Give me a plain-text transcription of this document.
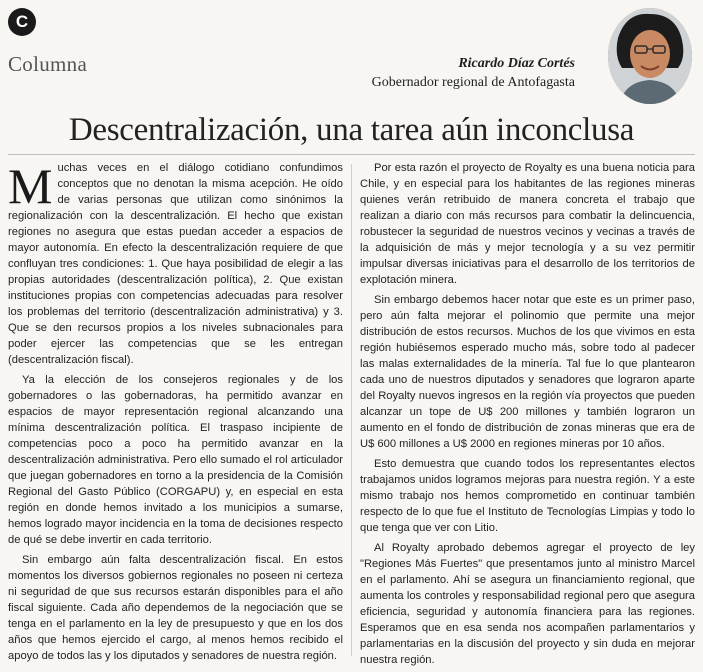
C
Columna	Ricardo Díaz Cortés
Gobernador regional de Antofagasta
Descentralización, una tarea aún inconclusa

Muchas veces en el diálogo cotidiano confundimos conceptos que no denotan la misma acepción. He oído de varias personas que utilizan como sinónimos la regionalización con la descentralización. El hecho que existan regiones no asegura que estas puedan acceder a espacios de mayor autonomía. En efecto la descentralización requiere de que confluyan tres condiciones: 1. Que haya posibilidad de elegir a las propias autoridades (descentralización política), 2. Que existan instituciones propias con competencias adecuadas para resolver los problemas del territorio (descentralización administrativa) y 3. Que se den recursos propios a los niveles subnacionales para poder ejercer las competencias que se les entregan (descentralización fiscal).

Ya la elección de los consejeros regionales y de los gobernadores o las gobernadoras, ha permitido avanzar en espacios de mayor representación regional alcanzando una mínima descentralización política. El traspaso incipiente de competencias poco a poco ha permitido avanzar en la descentralización administrativa. Pero ello sumado el rol articulador que juegan gobernadores en torno a la presidencia de la Comisión Regional del Gasto Público (CORGAPU) y, en especial en esta región en donde hemos invitado a los municipios a sumarse, hemos logrado mayor incidencia en la toma de decisiones respecto de qué se debe invertir en cada territorio.

Sin embargo aún falta descentralización fiscal. En estos momentos los diversos gobiernos regionales no poseen ni certeza ni seguridad de que sus recursos estarán disponibles para el año fiscal siguiente. Cada año dependemos de la negociación que se tenga en el parlamento en la ley de presupuesto y que en los dos años que hemos ejercido el cargo, al menos hemos recibido el apoyo de todos las y los diputados y senadores de nuestra región.

Por esta razón el proyecto de Royalty es una buena noticia para Chile, y en especial para los habitantes de las regiones mineras quienes verán retribuido de manera concreta el trabajo que realizan a diario con más recursos para combatir la delincuencia, robustecer la seguridad de nuestros vecinos y vecinas a través de la adquisición de más y mejor tecnología y a su vez permitir impulsar diversas iniciativas para el desarrollo de los territorios de explotación minera.

Sin embargo debemos hacer notar que este es un primer paso, pero aún falta mejorar el polinomio que permite una mejor distribución de estos recursos. Muchos de los que vivimos en esta región hubiésemos esperado mucho más, sobre todo al padecer las malas externalidades de la minería. Tal fue lo que plantearon cada uno de nuestros diputados y senadores que lograron aparte del Royalty nuevos ingresos en la región vía proyectos que pueden alcanzar un tope de U$ 200 millones y también lograron un aumento en el fondo de distribución de zonas mineras que era de U$ 600 millones a U$ 2000 en regiones mineras por 10 años.

Esto demuestra que cuando todos los representantes electos trabajamos unidos logramos mejoras para nuestra región. Y a este mismo trabajo nos hemos comprometido en continuar también respecto de lo que fue el Instituto de Tecnologías Limpias y todo lo que tenga que ver con Litio.

Al Royalty aprobado debemos agregar el proyecto de ley "Regiones Más Fuertes" que presentamos junto al ministro Marcel en el parlamento. Ahí se asegura un financiamiento regional, que aumenta los controles y responsabilidad regional pero que asegura eficiencia, seguridad y autonomía financiera para las regiones. Esperamos que en esa senda nos acompañen parlamentarios y parlamentarias en la discusión del proyecto y sin duda en mejorar nuestra región.
